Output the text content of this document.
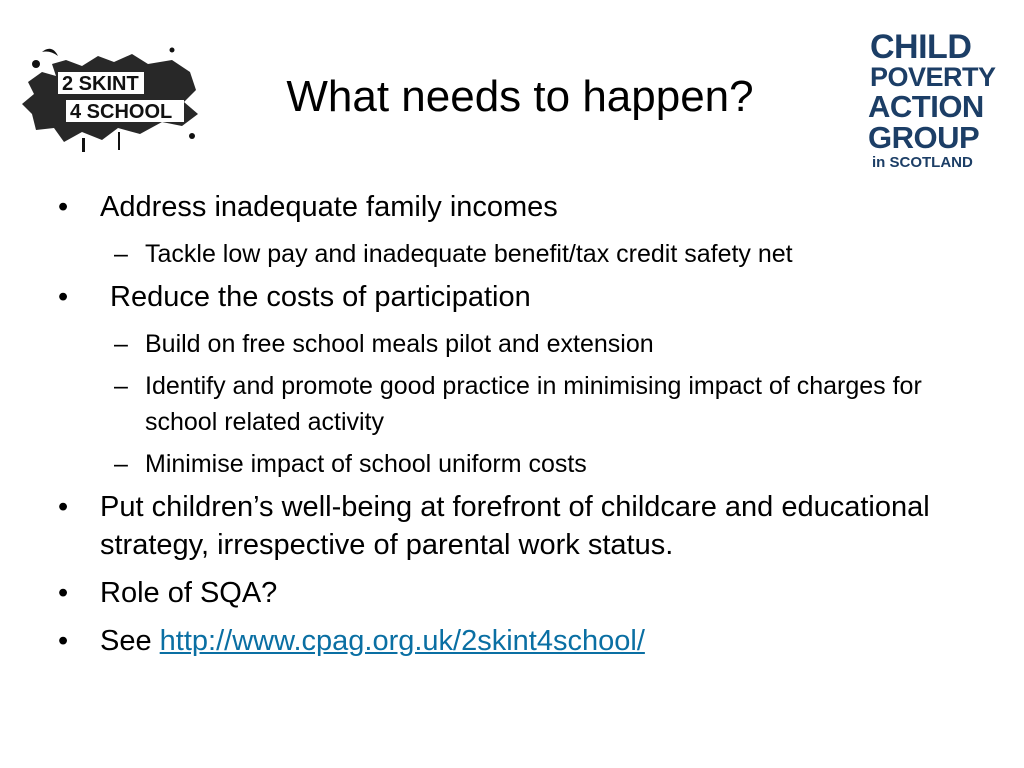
2 SKINT
4 SCHOOL
CHILD
POVERTY
ACTION
GROUP
in SCOTLAND
What needs to happen?
• Address inadequate family incomes
– Tackle low pay and inadequate benefit/tax credit safety net
• Reduce the costs of participation
– Build on free school meals pilot and extension
– Identify and promote good practice in minimising impact of charges for school related activity
– Minimise impact of school uniform costs
• Put children’s well-being at forefront of childcare and educational strategy, irrespective of parental work status.
• Role of SQA?
• See http://www.cpag.org.uk/2skint4school/
